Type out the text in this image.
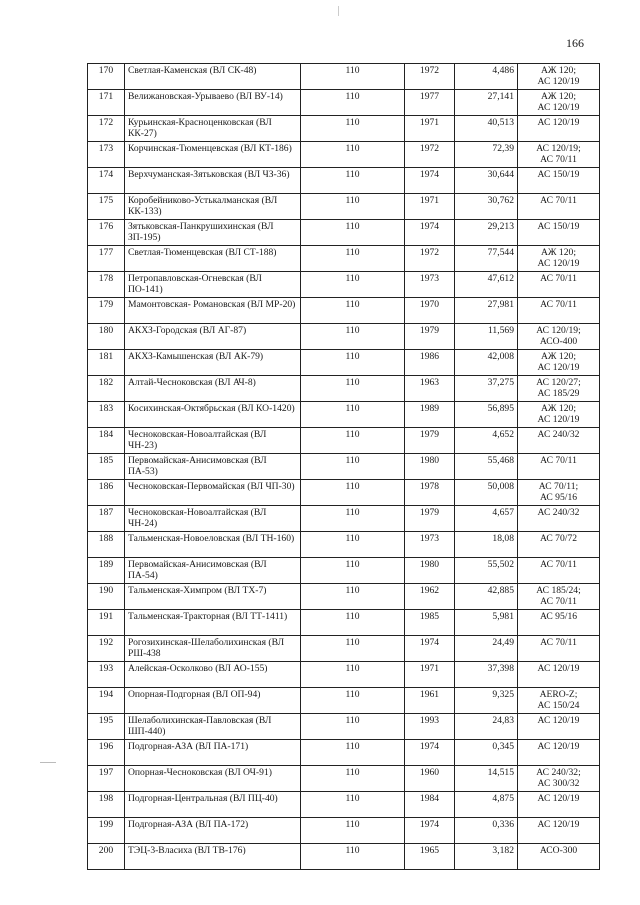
166
170	Светлая-Каменская (ВЛ СК-48)	110	1972	4,486	АЖ 120;
АС 120/19

171	Велижановская-Урываево (ВЛ ВУ-14)	110	1977	27,141	АЖ 120;
АС 120/19

172	Курьинская-Красноценковская (ВЛ КК-27)	110	1971	40,513	АС 120/19

173	Корчинская-Тюменцевская (ВЛ КТ-186)	110	1972	72,39	АС 120/19;
АС 70/11

174	Верхчуманская-Зятьковская (ВЛ ЧЗ-36)	110	1974	30,644	АС 150/19

175	Коробейниково-Устькалманская (ВЛ КК-133)	110	1971	30,762	АС 70/11

176	Зятьковская-Панкрушихинская (ВЛ ЗП-195)	110	1974	29,213	АС 150/19

177	Светлая-Тюменцевская (ВЛ СТ-188)	110	1972	77,544	АЖ 120;
АС 120/19

178	Петропавловская-Огневская (ВЛ ПО-141)	110	1973	47,612	АС 70/11

179	Мамонтовская- Романовская (ВЛ МР-20)	110	1970	27,981	АС 70/11

180	АКХЗ-Городская (ВЛ АГ-87)	110	1979	11,569	АС 120/19;
АСО-400

181	АКХЗ-Камышенская (ВЛ АК-79)	110	1986	42,008	АЖ 120;
АС 120/19

182	Алтай-Чесноковская (ВЛ АЧ-8)	110	1963	37,275	АС 120/27;
АС 185/29

183	Косихинская-Октябрьская (ВЛ КО-1420)	110	1989	56,895	АЖ 120;
АС 120/19

184	Чесноковская-Новоалтайская (ВЛ ЧН-23)	110	1979	4,652	АС 240/32

185	Первомайская-Анисимовская (ВЛ ПА-53)	110	1980	55,468	АС 70/11

186	Чесноковская-Первомайская (ВЛ ЧП-30)	110	1978	50,008	АС 70/11;
АС 95/16

187	Чесноковская-Новоалтайская (ВЛ ЧН-24)	110	1979	4,657	АС 240/32

188	Тальменская-Новоеловская (ВЛ ТН-160)	110	1973	18,08	АС 70/72

189	Первомайская-Анисимовская (ВЛ ПА-54)	110	1980	55,502	АС 70/11

190	Тальменская-Химпром (ВЛ ТХ-7)	110	1962	42,885	АС 185/24;
АС 70/11

191	Тальменская-Тракторная (ВЛ ТТ-1411)	110	1985	5,981	АС 95/16

192	Рогозихинская-Шелаболихинская (ВЛ РШ-438	110	1974	24,49	АС 70/11

193	Алейская-Осколково (ВЛ АО-155)	110	1971	37,398	АС 120/19

194	Опорная-Подгорная (ВЛ ОП-94)	110	1961	9,325	AERO-Z;
АС 150/24

195	Шелаболихинская-Павловская (ВЛ ШП-440)	110	1993	24,83	АС 120/19

196	Подгорная-АЗА (ВЛ ПА-171)	110	1974	0,345	АС 120/19

197	Опорная-Чесноковская (ВЛ ОЧ-91)	110	1960	14,515	АС 240/32;
АС 300/32

198	Подгорная-Центральная (ВЛ ПЦ-40)	110	1984	4,875	АС 120/19

199	Подгорная-АЗА (ВЛ ПА-172)	110	1974	0,336	АС 120/19

200	ТЭЦ-3-Власиха (ВЛ ТВ-176)	110	1965	3,182	АСО-300
